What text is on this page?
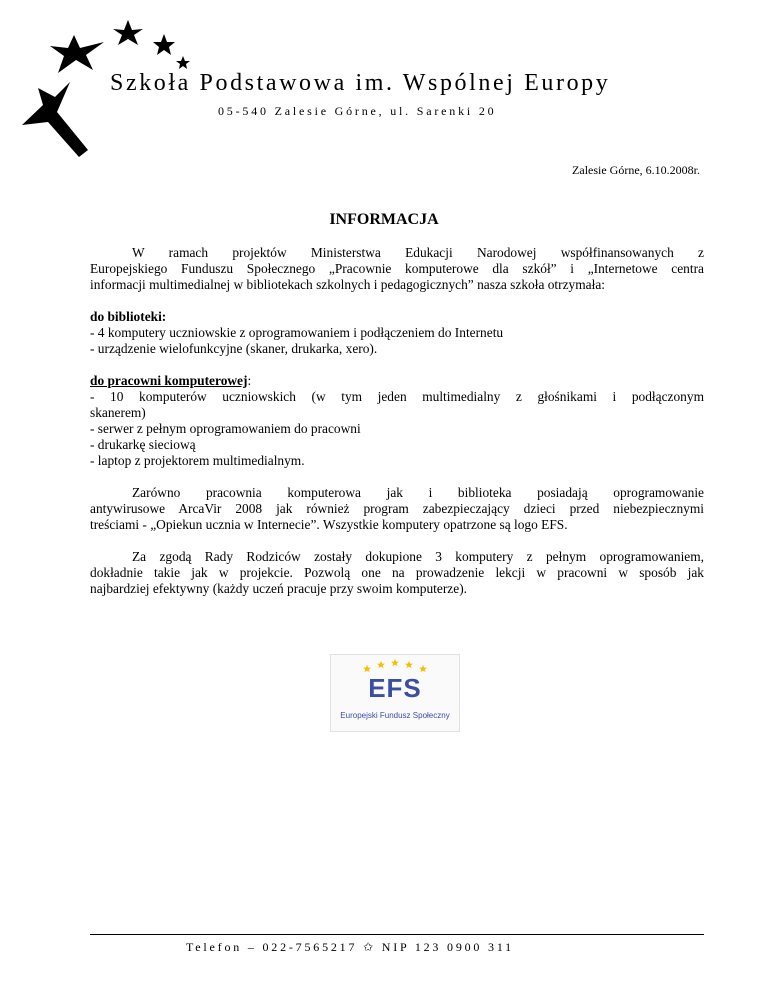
Szkoła Podstawowa im. Wspólnej Europy
05-540 Zalesie Górne, ul. Sarenki 20
Zalesie Górne, 6.10.2008r.
INFORMACJA

W ramach projektów Ministerstwa Edukacji Narodowej współfinansowanych z
Europejskiego Funduszu Społecznego „Pracownie komputerowe dla szkół” i „Internetowe centra
informacji multimedialnej w bibliotekach szkolnych i pedagogicznych” nasza szkoła otrzymała:

do biblioteki:
- 4 komputery uczniowskie z oprogramowaniem i podłączeniem do Internetu
- urządzenie wielofunkcyjne (skaner, drukarka, xero).

do pracowni komputerowej:
- 10 komputerów uczniowskich (w tym jeden multimedialny z głośnikami i podłączonym
skanerem)
- serwer z pełnym oprogramowaniem do pracowni
- drukarkę sieciową
- laptop z projektorem multimedialnym.

Zarówno pracownia komputerowa jak i biblioteka posiadają oprogramowanie
antywirusowe ArcaVir 2008 jak również program zabezpieczający dzieci przed niebezpiecznymi
treściami - „Opiekun ucznia w Internecie”. Wszystkie komputery opatrzone są logo EFS.

Za zgodą Rady Rodziców zostały dokupione 3 komputery z pełnym oprogramowaniem,
dokładnie takie jak w projekcie. Pozwolą one na prowadzenie lekcji w pracowni w sposób jak
najbardziej efektywny (każdy uczeń pracuje przy swoim komputerze).

EFS
Europejski Fundusz Społeczny
Telefon – 022-7565217 ✩ NIP 123 0900 311
